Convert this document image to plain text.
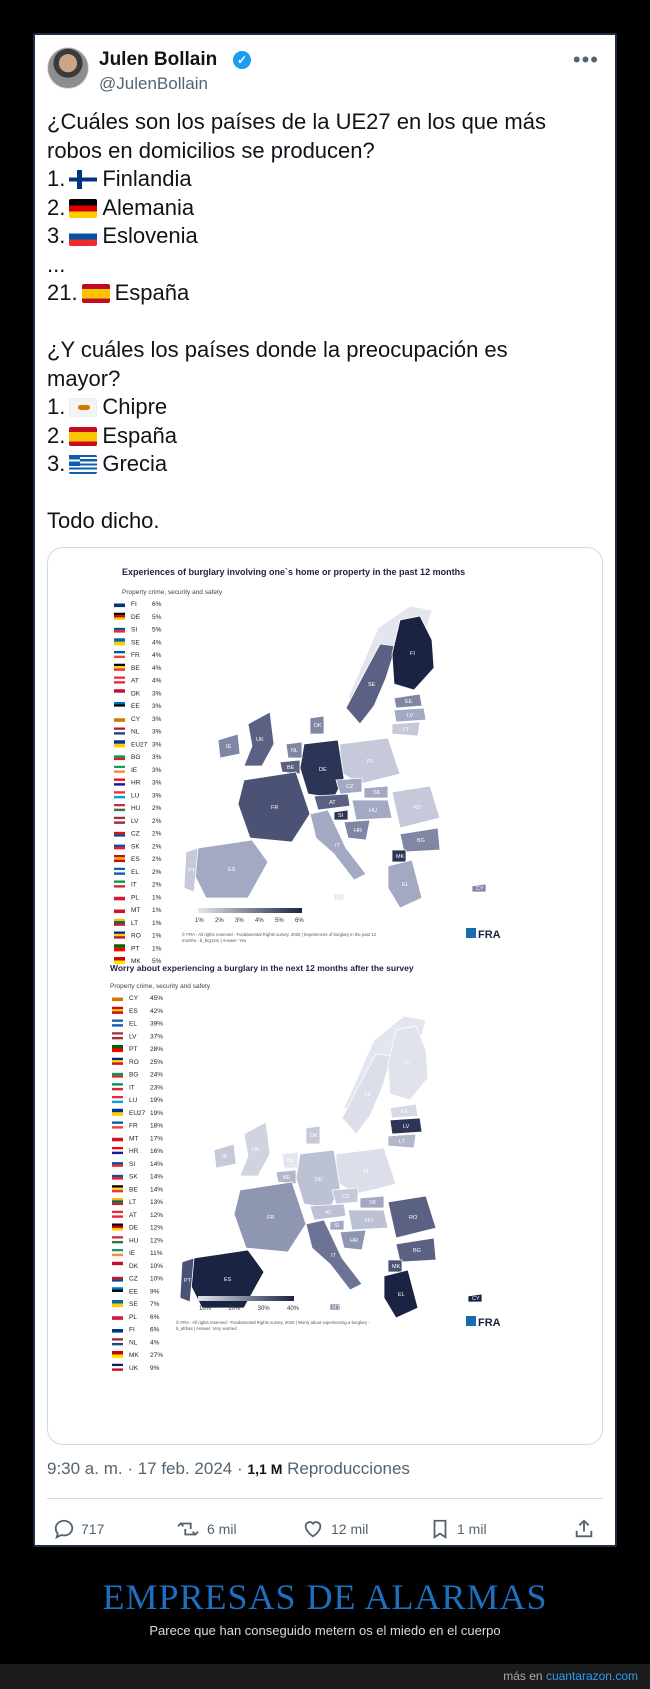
Julen Bollain	✓
@JulenBollain
•••

¿Cuáles son los países de la UE27 en los que más

robos en domicilios se producen?

1. Finlandia

2. Alemania

3. Eslovenia

...

21. España

¿Y cuáles los países donde la preocupación es

mayor?

1. Chipre

2. España

3. Grecia

Todo dicho.

Experiences of burglary involving one`s home or property in the past 12 months
Property crime, security and safety
FI 6%
DE 5%
SI 5%
SE 4%
FR 4%
BE 4%
AT 4%
DK 3%
EE 3%
CY 3%
NL 3%
EU27 3%
BG 3%
IE 3%
HR 3%
LU 3%
HU 2%
LV 2%
CZ 2%
SK 2%
ES 2%
EL 2%
IT 2%
PL 1%
MT 1%
LT 1%
RO 1%
PT 1%
MK 5%
FI
SE
EE
LV
LT
PL
DE
NL
BE
UK
IE
FR
ES
PT
IT
AT
CZ
SK
HU	RO
BG
MK
EL
CY
MT
DK
SI
HR
1% 2% 3% 4% 5% 6%
© FRA - All rights reserved - Fundamental Rights survey, 2020 | Experiences of burglary in the past 12
months - b_brg12m | Answer: Yes	FRA
Worry about experiencing a burglary in the next 12 months after the survey
Property crime, security and safety
CY 45%
ES 42%
EL 39%
LV 37%
PT 28%
RO 25%
BG 24%
IT 23%
LU 19%
EU27 19%
FR 18%
MT 17%
HR 16%
SI 14%
SK 14%
BE 14%
LT 13%
AT 12%
DE 12%
HU 12%
IE 11%
DK 10%
CZ 10%
EE 9%
SE 7%
PL 6%
FI 6%
NL 4%
MK 27%
UK 9%
FI
SE
EE
LV
LT
PL
DE
NL
BE
UK
IE
FR
ES
PT
IT
AT
CZ
SK
HU	RO
BG
MK
EL
CY
MT
DK
SI
HR
10%	20%	30%	40%
© FRA - All rights reserved - Fundamental Rights survey, 2020 | Worry about experiencing a burglary -
b_afrbas | Answer: Very worried	FRA
9:30 a. m. · 17 feb. 2024 · 1,1 M Reproducciones
717	6 mil	12 mil	1 mil
EMPRESAS DE ALARMAS
Parece que han conseguido metern os el miedo en el cuerpo
más en cuantarazon.com
